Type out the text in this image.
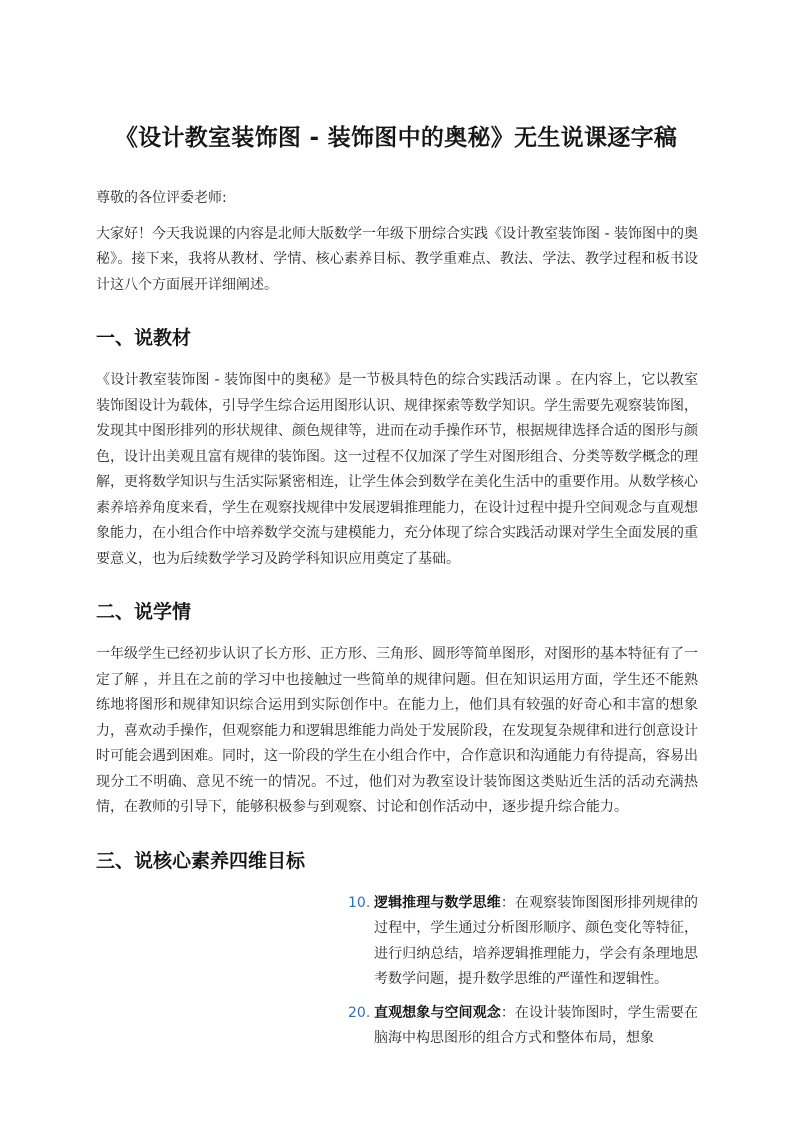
《设计教室装饰图 - 装饰图中的奥秘》无生说课逐字稿

尊敬的各位评委老师:

大家好！今天我说课的内容是北师大版数学一年级下册综合实践《设计教室装饰图 - 装饰图中的奥秘》。接下来，我将从教材、学情、核心素养目标、教学重难点、教法、学法、教学过程和板书设计这八个方面展开详细阐述。

一、说教材

《设计教室装饰图 - 装饰图中的奥秘》是一节极具特色的综合实践活动课 。在内容上，它以教室装饰图设计为载体，引导学生综合运用图形认识、规律探索等数学知识。学生需要先观察装饰图，发现其中图形排列的形状规律、颜色规律等，进而在动手操作环节，根据规律选择合适的图形与颜色，设计出美观且富有规律的装饰图。这一过程不仅加深了学生对图形组合、分类等数学概念的理解，更将数学知识与生活实际紧密相连，让学生体会到数学在美化生活中的重要作用。从数学核心素养培养角度来看，学生在观察找规律中发展逻辑推理能力，在设计过程中提升空间观念与直观想象能力，在小组合作中培养数学交流与建模能力，充分体现了综合实践活动课对学生全面发展的重要意义，也为后续数学学习及跨学科知识应用奠定了基础。

二、说学情

一年级学生已经初步认识了长方形、正方形、三角形、圆形等简单图形，对图形的基本特征有了一定了解 ，并且在之前的学习中也接触过一些简单的规律问题。但在知识运用方面，学生还不能熟练地将图形和规律知识综合运用到实际创作中。在能力上，他们具有较强的好奇心和丰富的想象力，喜欢动手操作，但观察能力和逻辑思维能力尚处于发展阶段，在发现复杂规律和进行创意设计时可能会遇到困难。同时，这一阶段的学生在小组合作中，合作意识和沟通能力有待提高，容易出现分工不明确、意见不统一的情况。不过，他们对为教室设计装饰图这类贴近生活的活动充满热情，在教师的引导下，能够积极参与到观察、讨论和创作活动中，逐步提升综合能力。

三、说核心素养四维目标
10. 逻辑推理与数学思维：在观察装饰图图形排列规律的过程中，学生通过分析图形顺序、颜色变化等特征，进行归纳总结，培养逻辑推理能力，学会有条理地思考数学问题，提升数学思维的严谨性和逻辑性。
20. 直观想象与空间观念：在设计装饰图时，学生需要在脑海中构思图形的组合方式和整体布局，想象
